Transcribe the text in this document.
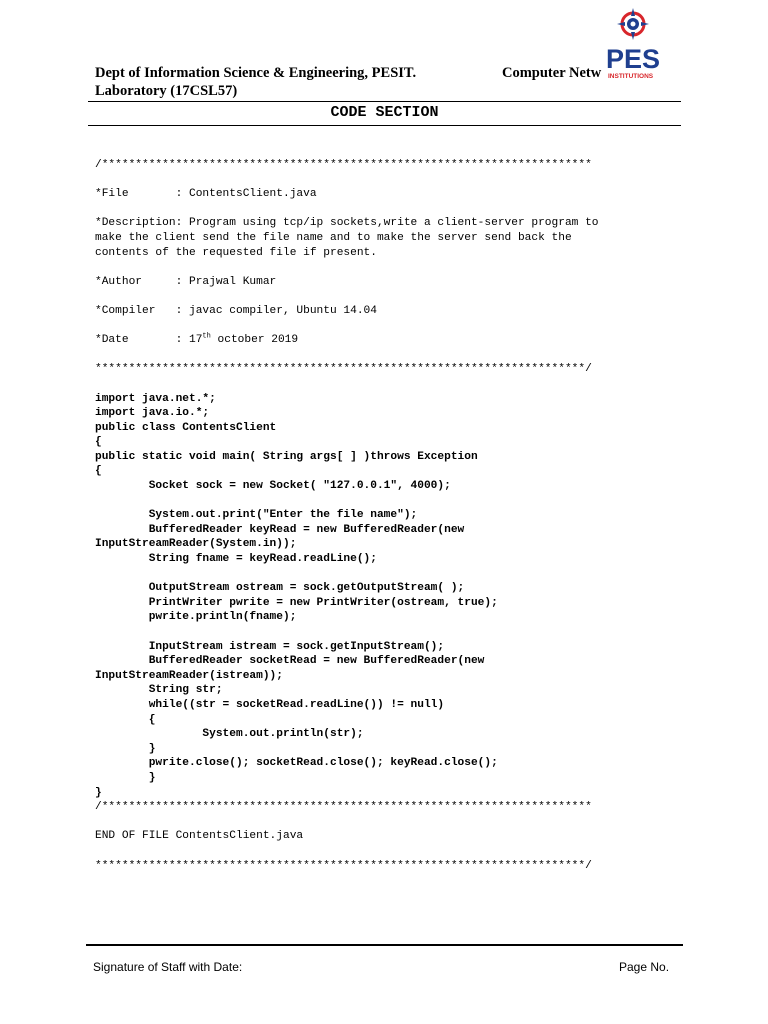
Dept of Information Science & Engineering, PESIT.
Laboratory (17CSL57)
Computer Netw PES
INSTITUTIONS
CODE SECTION
/*************************************************************************
*File       : ContentsClient.java
*Description: Program using tcp/ip sockets,write a client-server program to
make the client send the file name and to make the server send back the
contents of the requested file if present.
*Author     : Prajwal Kumar
*Compiler   : javac compiler, Ubuntu 14.04
*Date       : 17th october 2019
*************************************************************************/
import java.net.*;
import java.io.*;
public class ContentsClient
{
public static void main( String args[ ] )throws Exception
{
Socket sock = new Socket( "127.0.0.1", 4000);
System.out.print("Enter the file name");
BufferedReader keyRead = new BufferedReader(new
InputStreamReader(System.in));
String fname = keyRead.readLine();
OutputStream ostream = sock.getOutputStream( );
PrintWriter pwrite = new PrintWriter(ostream, true);
pwrite.println(fname);
InputStream istream = sock.getInputStream();
BufferedReader socketRead = new BufferedReader(new
InputStreamReader(istream));
String str;
while((str = socketRead.readLine()) != null)
{
System.out.println(str);
}
pwrite.close(); socketRead.close(); keyRead.close();
}
}
/*************************************************************************
END OF FILE ContentsClient.java
*************************************************************************/
Signature of Staff with Date:	Page No.
